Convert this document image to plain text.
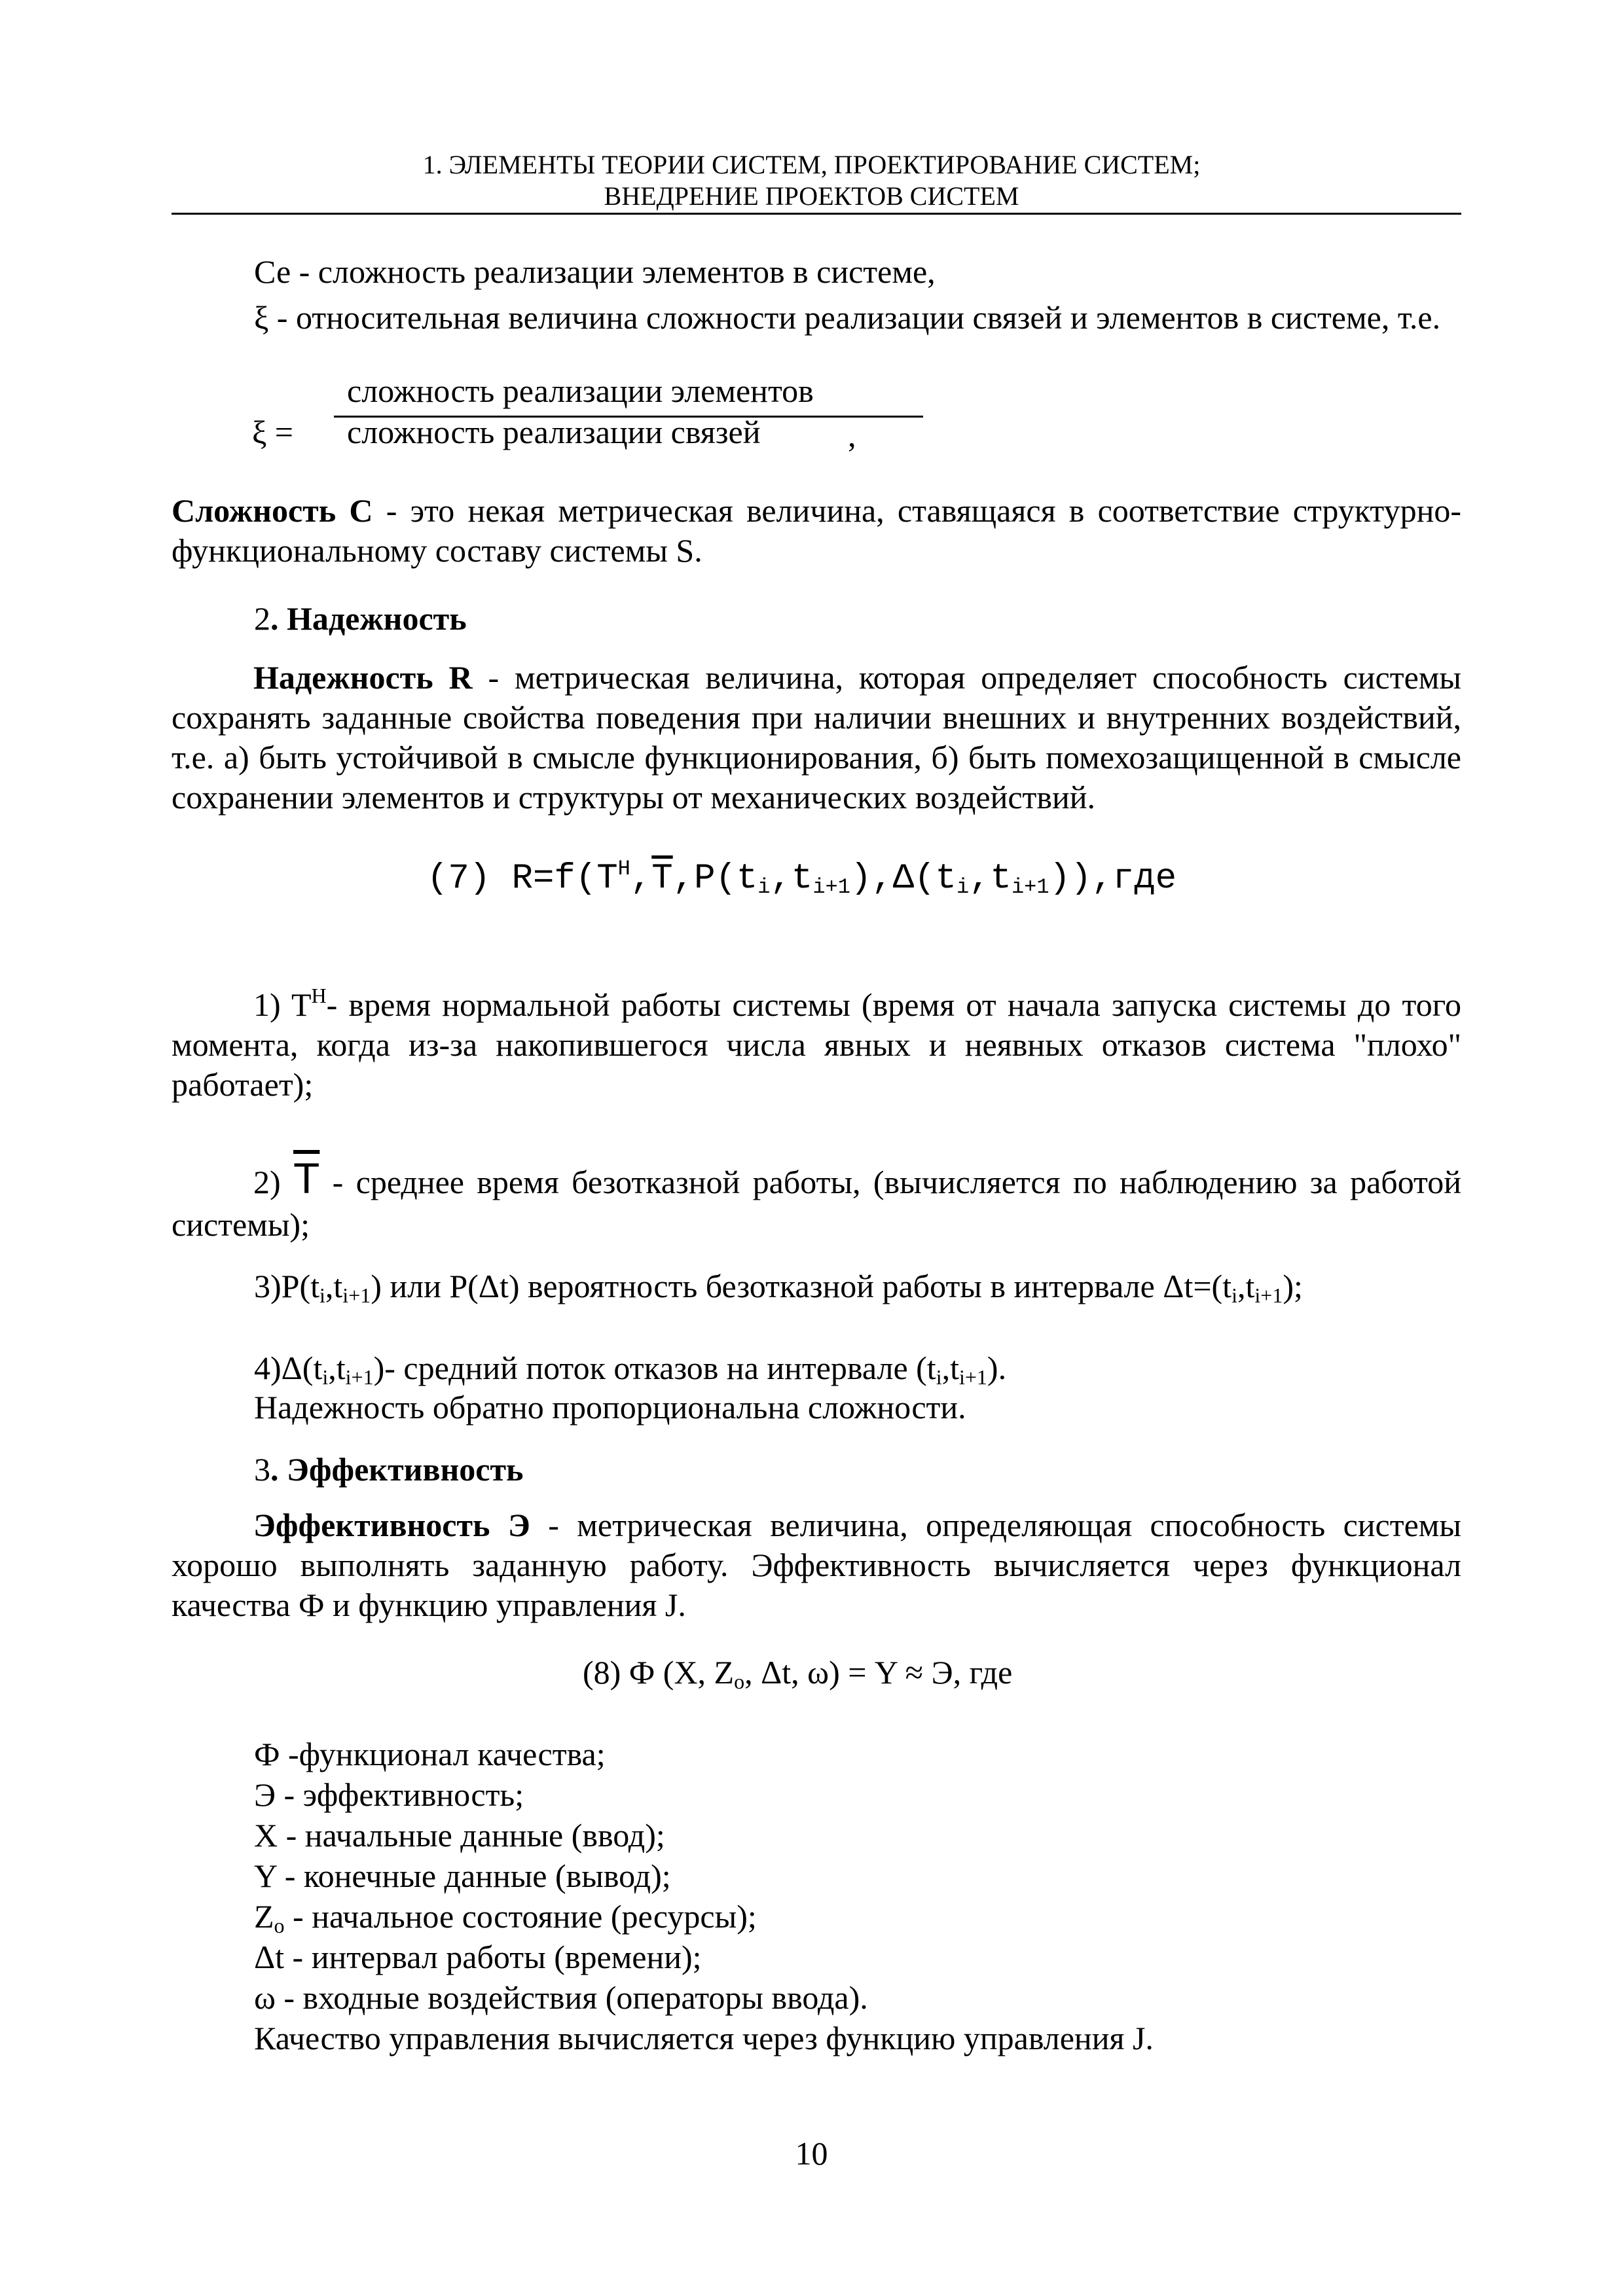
1. ЭЛЕМЕНТЫ ТЕОРИИ СИСТЕМ, ПРОЕКТИРОВАНИЕ СИСТЕМ;
ВНЕДРЕНИЕ ПРОЕКТОВ СИСТЕМ
Се - сложность реализации элементов в системе,
ξ - относительная величина сложности реализации связей и элементов в системе, т.е.
сложность реализации элементов
ξ = сложность реализации связей	,
Сложность С - это некая метрическая величина, ставящаяся в соответствие структурно-функциональному составу системы S.
2. Надежность
Надежность R - метрическая величина, которая определяет способность системы сохранять заданные свойства поведения при наличии внешних и внутренних воздействий, т.е. а) быть устойчивой в смысле функционирования, б) быть помехозащищенной в смысле сохранении элементов и структуры от механических воздействий.
(7) $R=f(T^H,\overline{T},P(t_i,t_{i+1}),\Delta(t_i,t_{i+1})),где$
1) $T^H-$ время нормальной работы системы (время от начала запуска системы до того момента, когда из-за накопившегося числа явных и неявных отказов система "плохо" работает);
2) $\overline{T}$ - среднее время безотказной работы, (вычисляется по наблюдению за работой системы);
$3)P(t_i,t_{i+1})$ или P(Δt) вероятность безотказной работы в интервале $\Delta t=(t_i,t_{i+1})$;
$4)\Delta(t_i,t_{i+1})-$ средний поток отказов на интервале $(t_i,t_{i+1})$.
Надежность обратно пропорциональна сложности.
3. Эффективность
Эффективность Э - метрическая величина, определяющая способность системы хорошо выполнять заданную работу. Эффективность вычисляется через функционал качества Ф и функцию управления J.
(8) Ф (X, $Z_o$, Δt, ω) = Y ≈ Э, где
Ф -функционал качества;
Э - эффективность;
X - начальные данные (ввод);
Y - конечные данные (вывод);
$Z_o$ - начальное состояние (ресурсы);
Δt - интервал работы (времени);
ω - входные воздействия (операторы ввода).
Качество управления вычисляется через функцию управления J.
10
